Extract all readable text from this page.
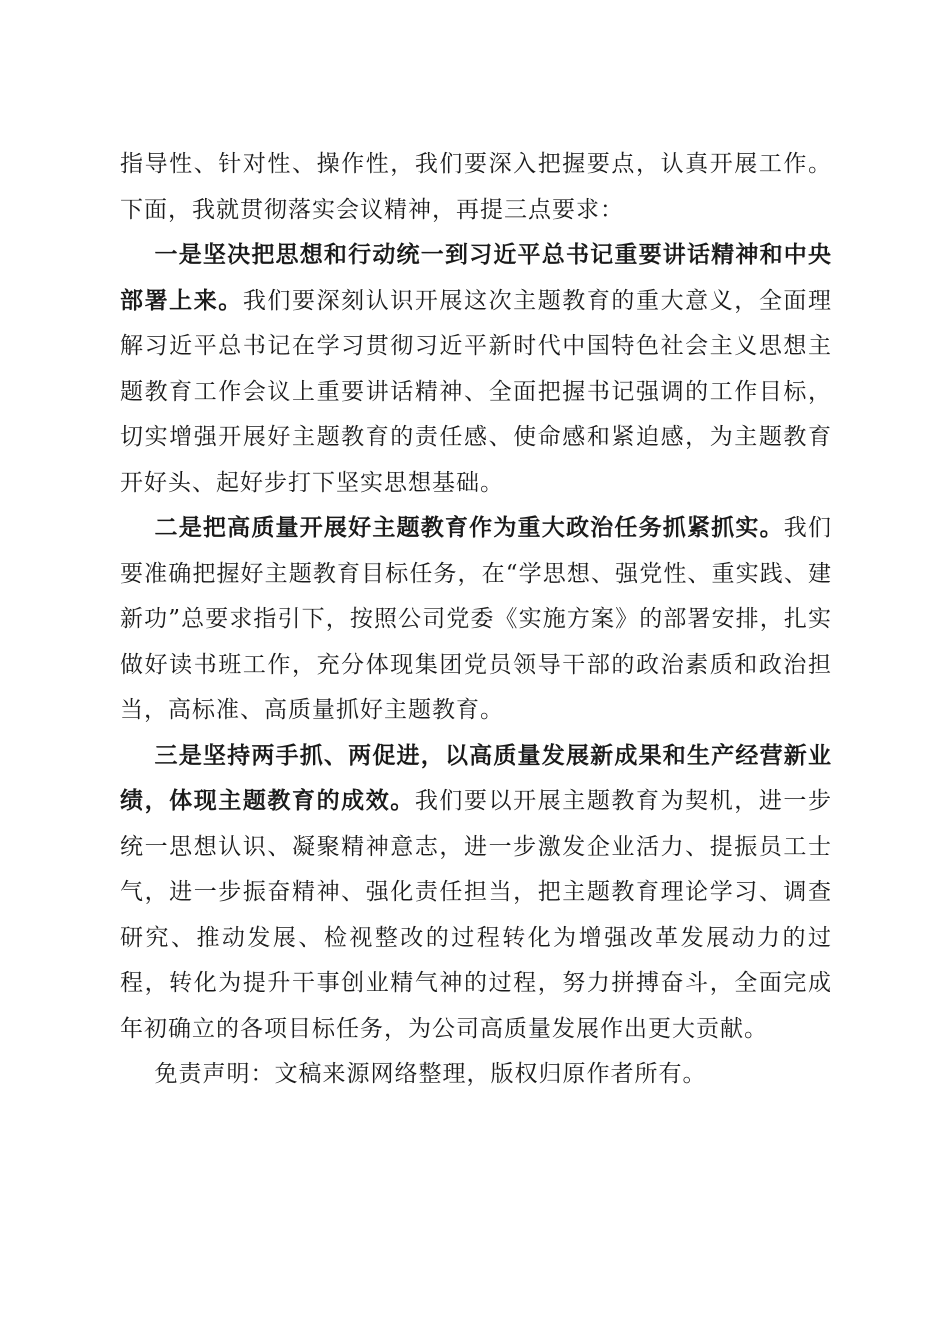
指导性、针对性、操作性，我们要深入把握要点，认真开展工作。下面，我就贯彻落实会议精神，再提三点要求：

一是坚决把思想和行动统一到习近平总书记重要讲话精神和中央部署上来。我们要深刻认识开展这次主题教育的重大意义，全面理解习近平总书记在学习贯彻习近平新时代中国特色社会主义思想主题教育工作会议上重要讲话精神、全面把握书记强调的工作目标，切实增强开展好主题教育的责任感、使命感和紧迫感，为主题教育开好头、起好步打下坚实思想基础。

二是把高质量开展好主题教育作为重大政治任务抓紧抓实。我们要准确把握好主题教育目标任务，在“学思想、强党性、重实践、建新功”总要求指引下，按照公司党委《实施方案》的部署安排，扎实做好读书班工作，充分体现集团党员领导干部的政治素质和政治担当，高标准、高质量抓好主题教育。

三是坚持两手抓、两促进，以高质量发展新成果和生产经营新业绩，体现主题教育的成效。我们要以开展主题教育为契机，进一步统一思想认识、凝聚精神意志，进一步激发企业活力、提振员工士气，进一步振奋精神、强化责任担当，把主题教育理论学习、调查研究、推动发展、检视整改的过程转化为增强改革发展动力的过程，转化为提升干事创业精气神的过程，努力拼搏奋斗，全面完成年初确立的各项目标任务，为公司高质量发展作出更大贡献。

免责声明：文稿来源网络整理，版权归原作者所有。
